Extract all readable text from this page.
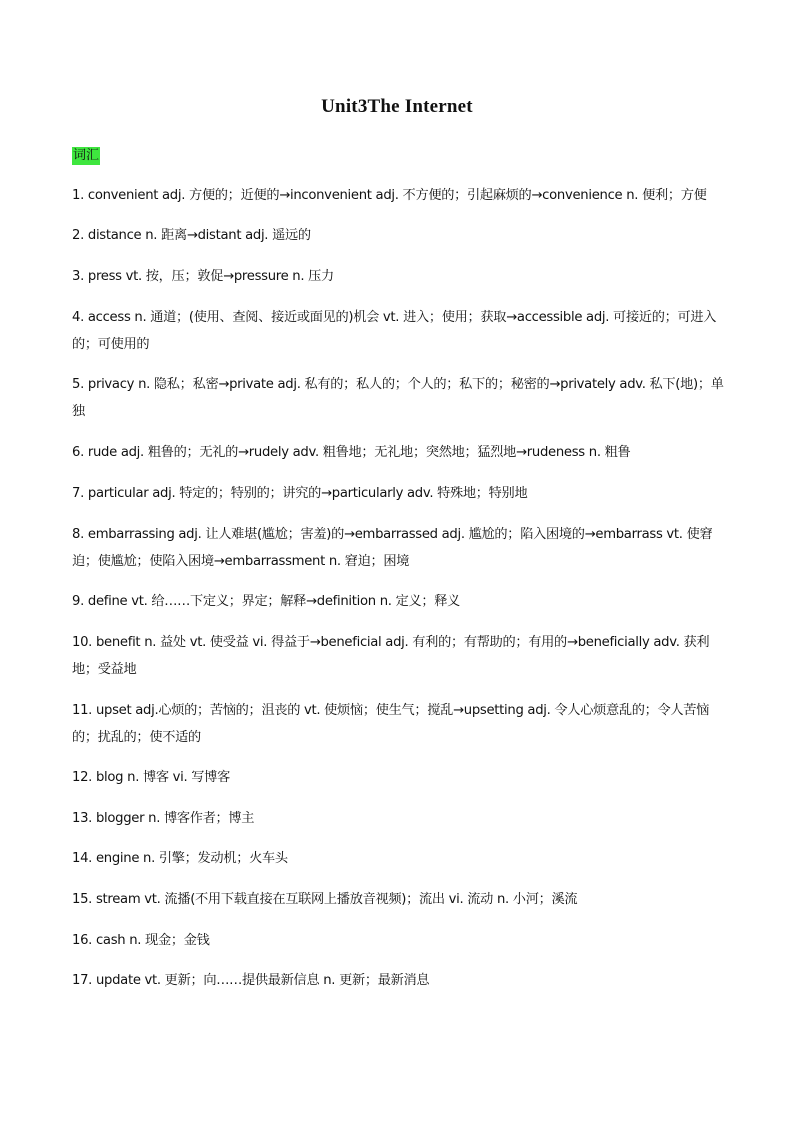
Unit3The Internet
词汇
1. convenient adj. 方便的；近便的→inconvenient adj. 不方便的；引起麻烦的→convenience n. 便利；方便
2. distance n. 距离→distant adj. 遥远的
3. press vt. 按，压；敦促→pressure n. 压力
4. access n. 通道；(使用、查阅、接近或面见的)机会 vt. 进入；使用；获取→accessible adj. 可接近的；可进入的；可使用的
5. privacy n. 隐私；私密→private adj. 私有的；私人的；个人的；私下的；秘密的→privately adv. 私下(地)；单独
6. rude adj. 粗鲁的；无礼的→rudely adv. 粗鲁地；无礼地；突然地；猛烈地→rudeness n. 粗鲁
7. particular adj. 特定的；特别的；讲究的→particularly adv. 特殊地；特别地
8. embarrassing adj. 让人难堪(尴尬；害羞)的→embarrassed adj. 尴尬的；陷入困境的→embarrass vt. 使窘迫；使尴尬；使陷入困境→embarrassment n. 窘迫；困境
9. define vt. 给……下定义；界定；解释→definition n. 定义；释义
10. benefit n. 益处 vt. 使受益 vi. 得益于→beneficial adj. 有利的；有帮助的；有用的→beneficially adv. 获利地；受益地
11. upset adj.心烦的；苦恼的；沮丧的 vt. 使烦恼；使生气；搅乱→upsetting adj. 令人心烦意乱的；令人苦恼的；扰乱的；使不适的
12. blog n. 博客 vi. 写博客
13. blogger n. 博客作者；博主
14. engine n. 引擎；发动机；火车头
15. stream vt. 流播(不用下载直接在互联网上播放音视频)；流出 vi. 流动 n. 小河；溪流
16. cash n. 现金；金钱
17. update vt. 更新；向……提供最新信息 n. 更新；最新消息
